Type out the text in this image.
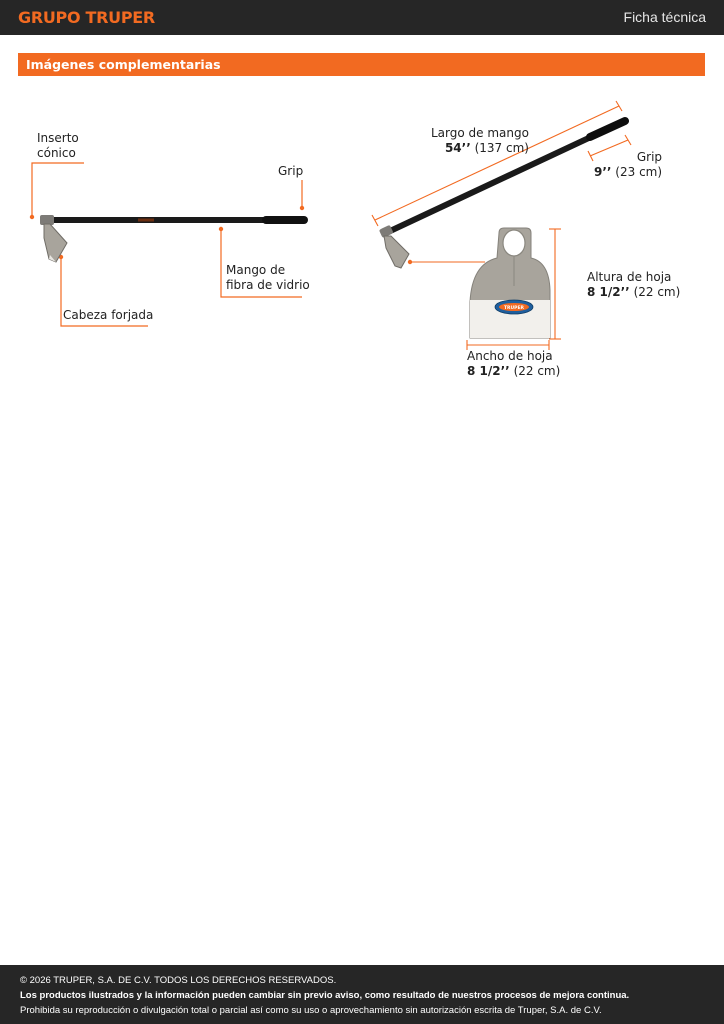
GRUPO TRUPER	Ficha técnica
Imágenes complementarias
TRUPER
Inserto
cónico
Grip
Mango de
fibra de vidrio
Cabeza forjada
Largo de mango
54’’ (137 cm)
Grip
9’’ (23 cm)
Altura de hoja
8 1/2’’ (22 cm)
Ancho de hoja
8 1/2’’ (22 cm)
© 2026 TRUPER, S.A. DE C.V. TODOS LOS DERECHOS RESERVADOS.
Los productos ilustrados y la información pueden cambiar sin previo aviso, como resultado de nuestros procesos de mejora continua.
Prohibida su reproducción o divulgación total o parcial así como su uso o aprovechamiento sin autorización escrita de Truper, S.A. de C.V.
